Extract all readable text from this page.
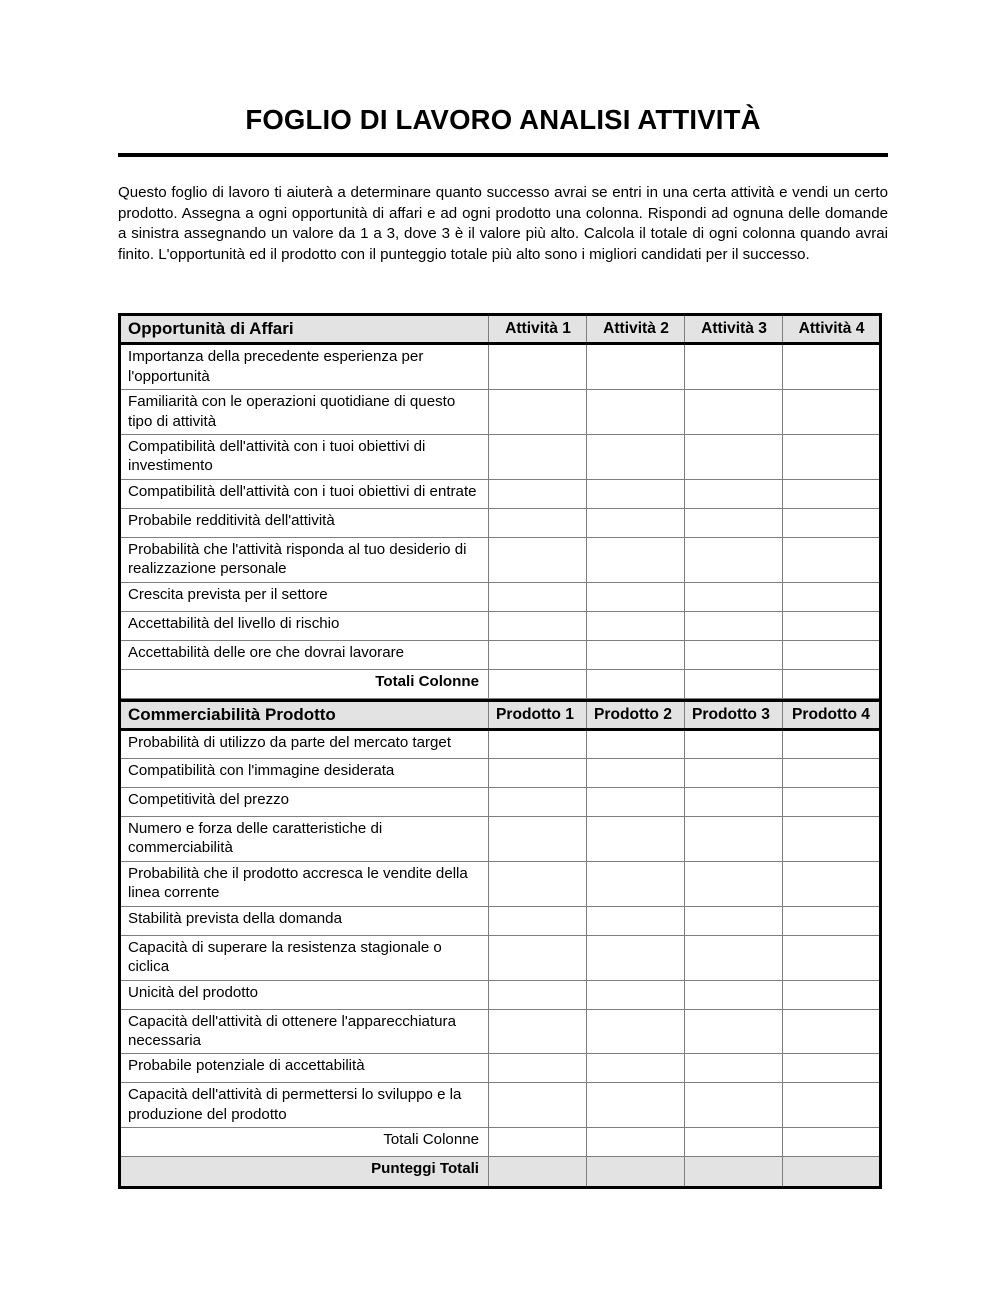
FOGLIO DI LAVORO ANALISI ATTIVITÀ

Questo foglio di lavoro ti aiuterà a determinare quanto successo avrai se entri in una certa attività e vendi un certo prodotto. Assegna a ogni opportunità di affari e ad ogni prodotto una colonna. Rispondi ad ognuna delle domande a sinistra assegnando un valore da 1 a 3, dove 3 è il valore più alto. Calcola il totale di ogni colonna quando avrai finito. L'opportunità ed il prodotto con il punteggio totale più alto sono i migliori candidati per il successo.

Opportunità di Affari	Attività 1	Attività 2	Attività 3	Attività 4
Importanza della precedente esperienza per l'opportunità				
Familiarità con le operazioni quotidiane di questo tipo di attività				
Compatibilità dell'attività con i tuoi obiettivi di investimento				
Compatibilità dell'attività con i tuoi obiettivi di entrate				
Probabile redditività dell'attività				
Probabilità che l'attività risponda al tuo desiderio di realizzazione personale				
Crescita prevista per il settore				
Accettabilità del livello di rischio				
Accettabilità delle ore che dovrai lavorare				
Totali Colonne				
Commerciabilità Prodotto	Prodotto 1	Prodotto 2	Prodotto 3	Prodotto 4
Probabilità di utilizzo da parte del mercato target				
Compatibilità con l'immagine desiderata				
Competitività del prezzo				
Numero e forza delle caratteristiche di commerciabilità				
Probabilità che il prodotto accresca le vendite della linea corrente				
Stabilità prevista della domanda				
Capacità di superare la resistenza stagionale o ciclica				
Unicità del prodotto				
Capacità dell'attività di ottenere l'apparecchiatura necessaria				
Probabile potenziale di accettabilità				
Capacità dell'attività di permettersi lo sviluppo e la produzione del prodotto				
Totali Colonne				
Punteggi Totali				
